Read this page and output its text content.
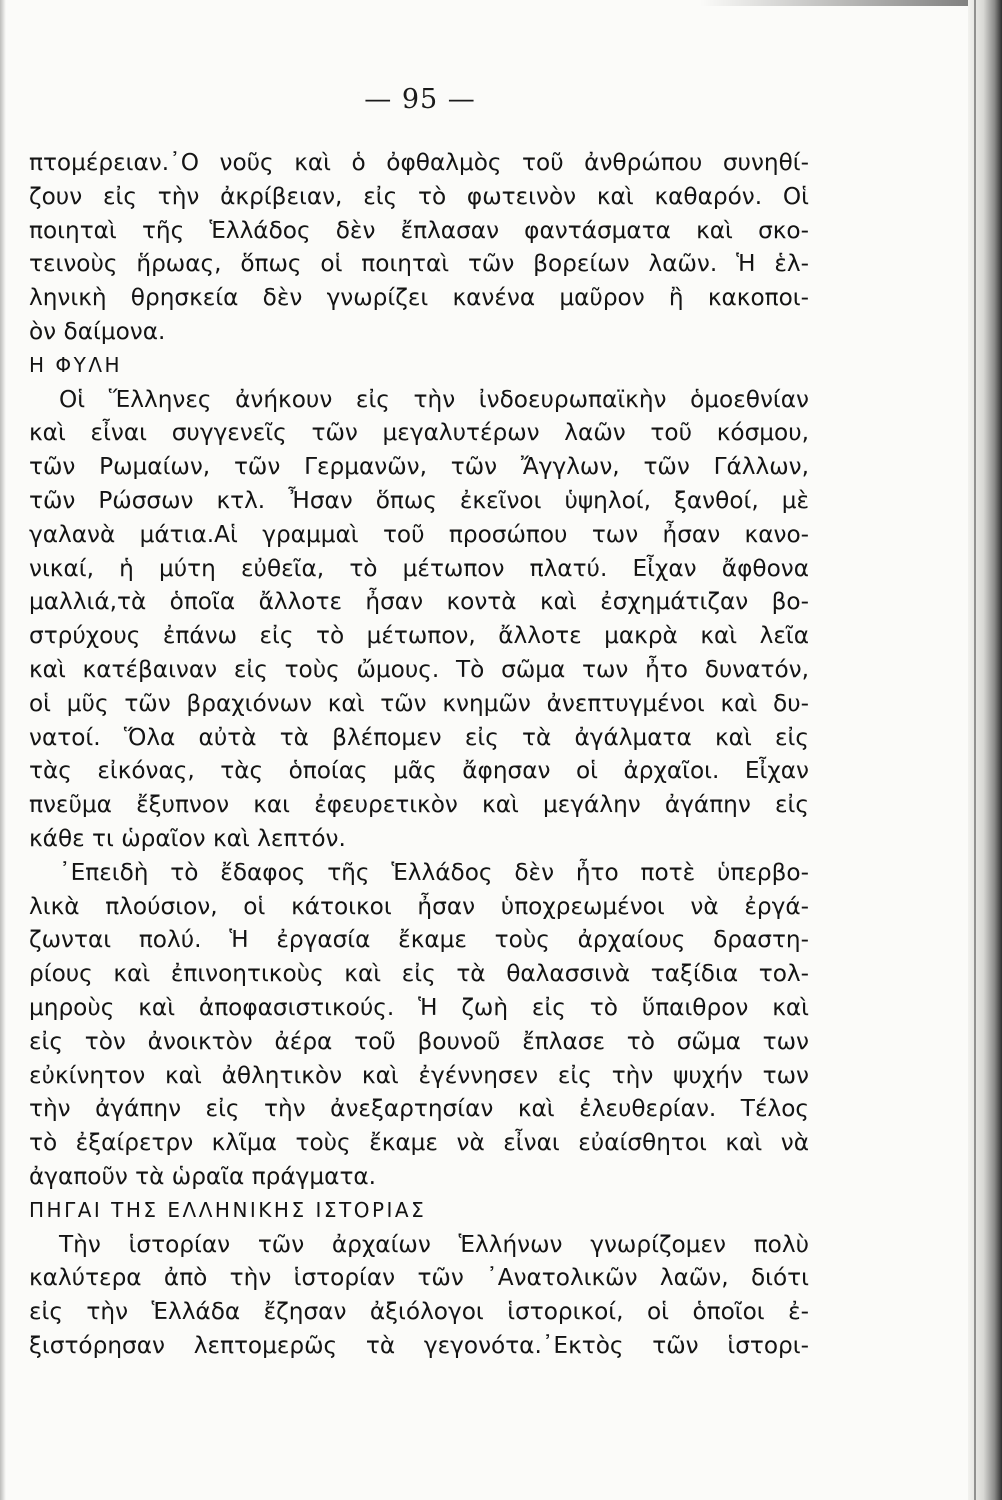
— 95 —
πτομέρειαν.᾿Ο νοῦς καὶ ὁ ὀφθαλμὸς τοῦ ἀνθρώπου συνηθί-
ζουν εἰς τὴν ἀκρίβειαν, εἰς τὸ φωτεινὸν καὶ καθαρόν. Οἱ
ποιηταὶ τῆς Ἑλλάδος δὲν ἔπλασαν φαντάσματα καὶ σκο-
τεινοὺς ἥρωας, ὅπως οἱ ποιηταὶ τῶν βορείων λαῶν. Ἡ ἑλ-
ληνικὴ θρησκεία δὲν γνωρίζει κανένα μαῦρον ἢ κακοποι-
ὸν δαίμονα.
Η ΦΥΛΗ
Οἱ Ἕλληνες ἀνήκουν εἰς τὴν ἰνδοευρωπαϊκὴν ὁμοεθνίαν
καὶ εἶναι συγγενεῖς τῶν μεγαλυτέρων λαῶν τοῦ κόσμου,
τῶν Ρωμαίων, τῶν Γερμανῶν, τῶν Ἄγγλων, τῶν Γάλλων,
τῶν Ρώσσων κτλ. Ἦσαν ὅπως ἐκεῖνοι ὑψηλοί, ξανθοί, μὲ
γαλανὰ μάτια.Αἱ γραμμαὶ τοῦ προσώπου των ἦσαν κανο-
νικαί, ἡ μύτη εὐθεῖα, τὸ μέτωπον πλατύ. Εἶχαν ἄφθονα
μαλλιά,τὰ ὁποῖα ἄλλοτε ἦσαν κοντὰ καὶ ἐσχημάτιζαν βο-
στρύχους ἐπάνω εἰς τὸ μέτωπον, ἄλλοτε μακρὰ καὶ λεῖα
καὶ κατέβαιναν εἰς τοὺς ὤμους. Τὸ σῶμα των ἦτο δυνατόν,
οἱ μῦς τῶν βραχιόνων καὶ τῶν κνημῶν ἀνεπτυγμένοι καὶ δυ-
νατοί. Ὅλα αὐτὰ τὰ βλέπομεν εἰς τὰ ἀγάλματα καὶ εἰς
τὰς εἰκόνας, τὰς ὁποίας μᾶς ἄφησαν οἱ ἀρχαῖοι. Εἶχαν
πνεῦμα ἔξυπνον και ἐφευρετικὸν καὶ μεγάλην ἀγάπην εἰς
κάθε τι ὡραῖον καὶ λεπτόν.
᾿Επειδὴ τὸ ἔδαφος τῆς Ἑλλάδος δὲν ἦτο ποτὲ ὑπερβο-
λικὰ πλούσιον, οἱ κάτοικοι ἦσαν ὑποχρεωμένοι νὰ ἐργά-
ζωνται πολύ. Ἡ ἐργασία ἔκαμε τοὺς ἀρχαίους δραστη-
ρίους καὶ ἐπινοητικοὺς καὶ εἰς τὰ θαλασσινὰ ταξίδια τολ-
μηροὺς καὶ ἀποφασιστικούς. Ἡ ζωὴ εἰς τὸ ὕπαιθρον καὶ
εἰς τὸν ἀνοικτὸν ἀέρα τοῦ βουνοῦ ἔπλασε τὸ σῶμα των
εὐκίνητον καὶ ἀθλητικὸν καὶ ἐγέννησεν εἰς τὴν ψυχήν των
τὴν ἀγάπην εἰς τὴν ἀνεξαρτησίαν καὶ ἐλευθερίαν. Τέλος
τὸ ἐξαίρετρν κλῖμα τοὺς ἔκαμε νὰ εἶναι εὐαίσθητοι καὶ νὰ
ἀγαποῦν τὰ ὡραῖα πράγματα.
ΠΗΓΑΙ ΤΗΣ ΕΛΛΗΝΙΚΗΣ ΙΣΤΟΡΙΑΣ
Τὴν ἱστορίαν τῶν ἀρχαίων Ἑλλήνων γνωρίζομεν πολὺ
καλύτερα ἀπὸ τὴν ἱστορίαν τῶν ᾿Ανατολικῶν λαῶν, διότι
εἰς τὴν Ἑλλάδα ἔζησαν ἀξιόλογοι ἱστορικοί, οἱ ὁποῖοι ἐ-
ξιστόρησαν λεπτομερῶς τὰ γεγονότα.᾿Εκτὸς τῶν ἱστορι-
